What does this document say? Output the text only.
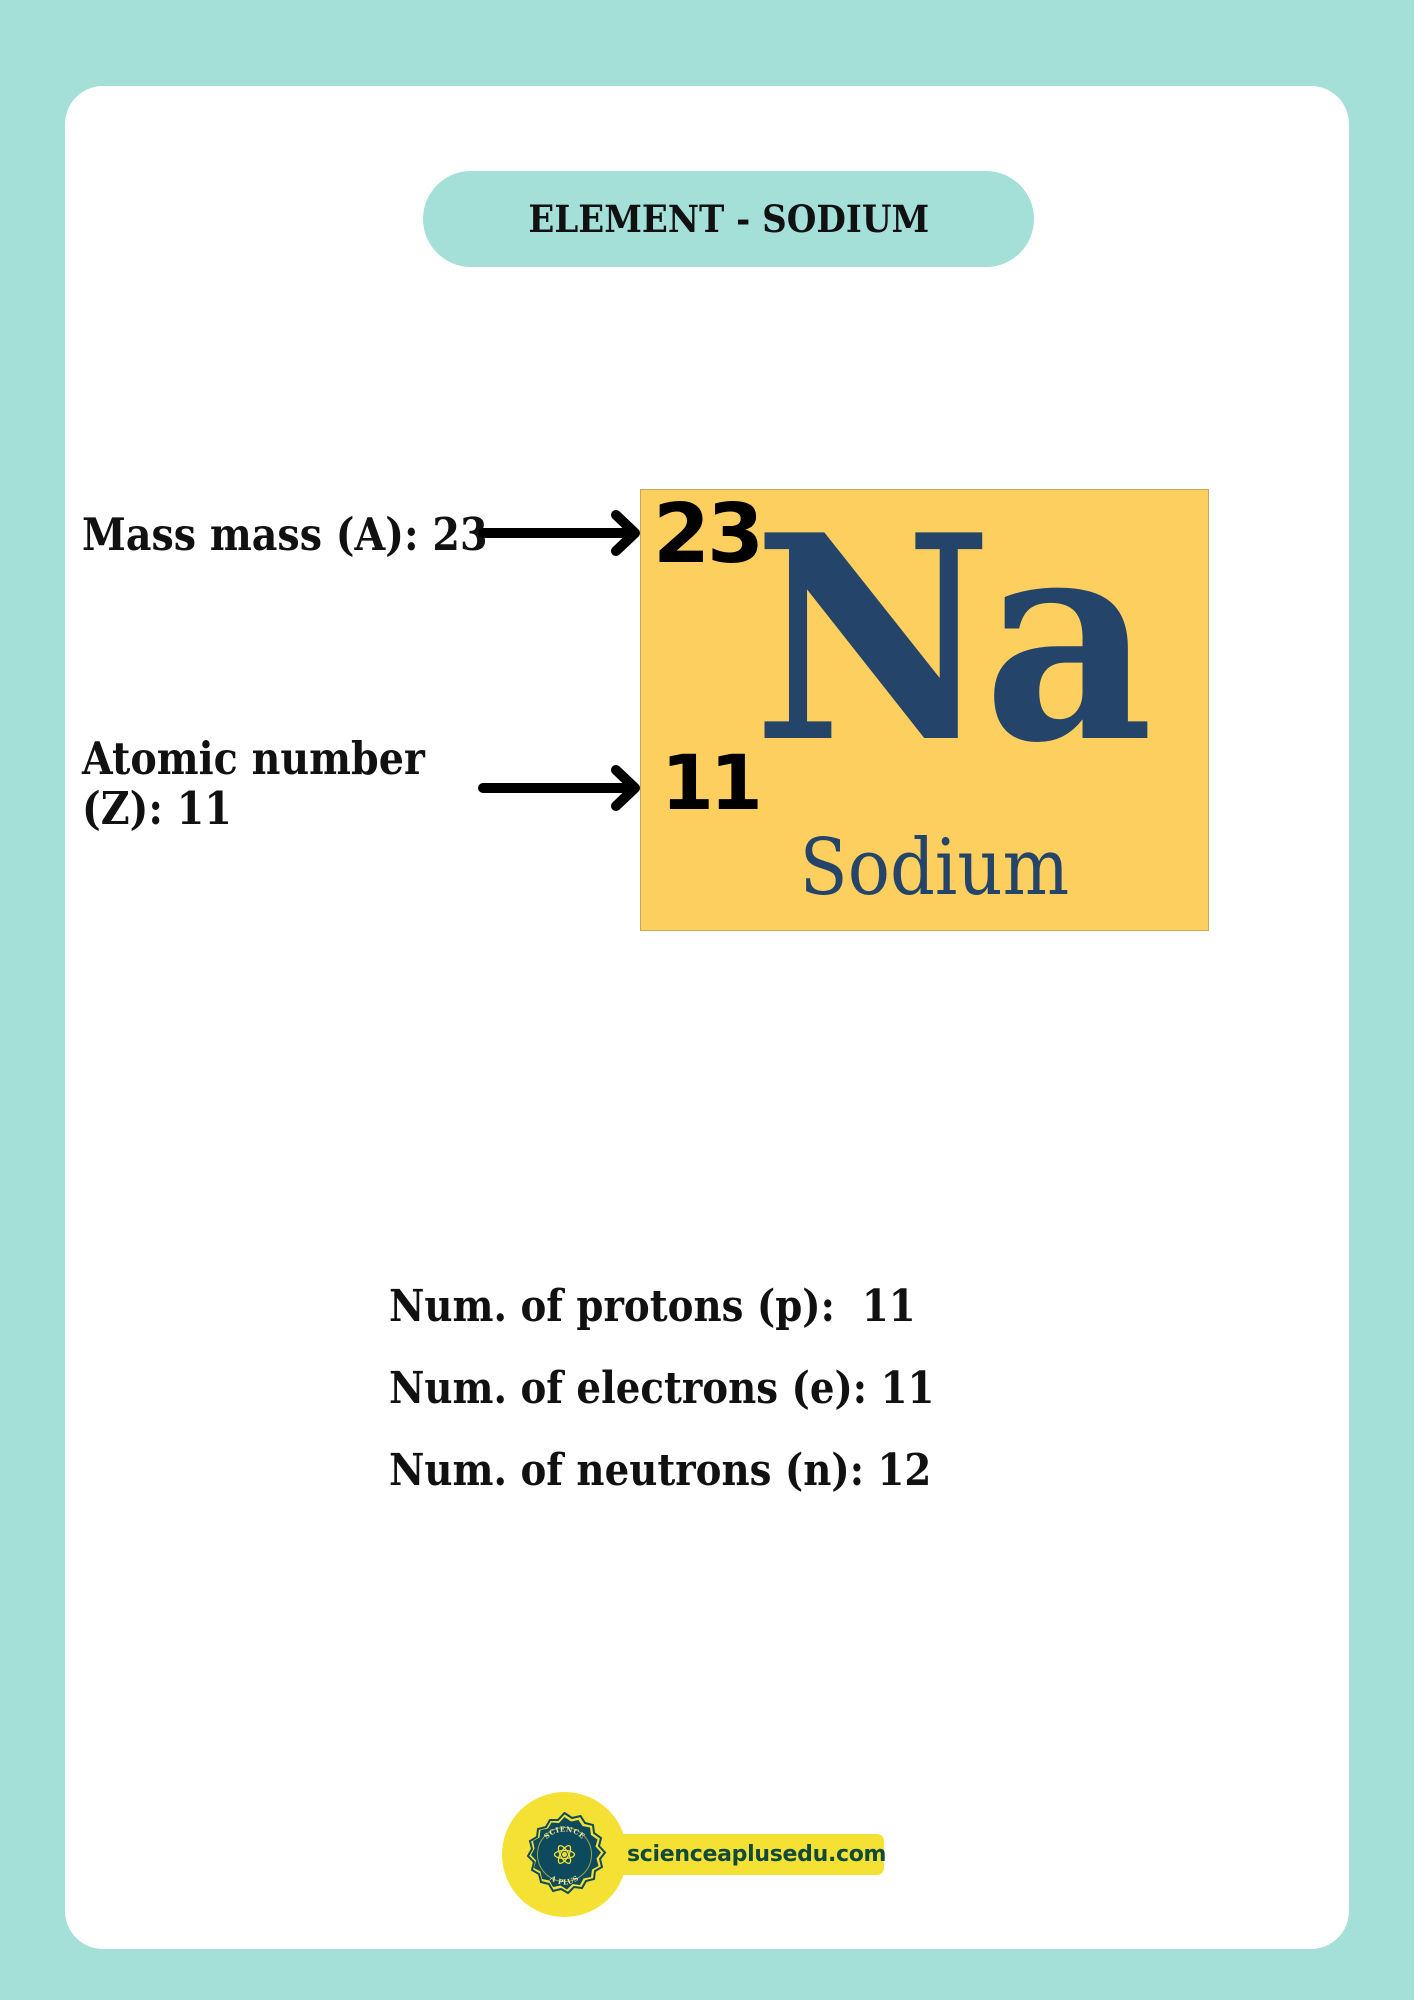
ELEMENT - SODIUM
Mass mass (A): 23
Atomic number
(Z): 11
23
Na
11
Sodium
Num. of protons (p):  11
Num. of electrons (e): 11
Num. of neutrons (n): 12
scienceaplusedu.com
SCIENCE
A PLUS
